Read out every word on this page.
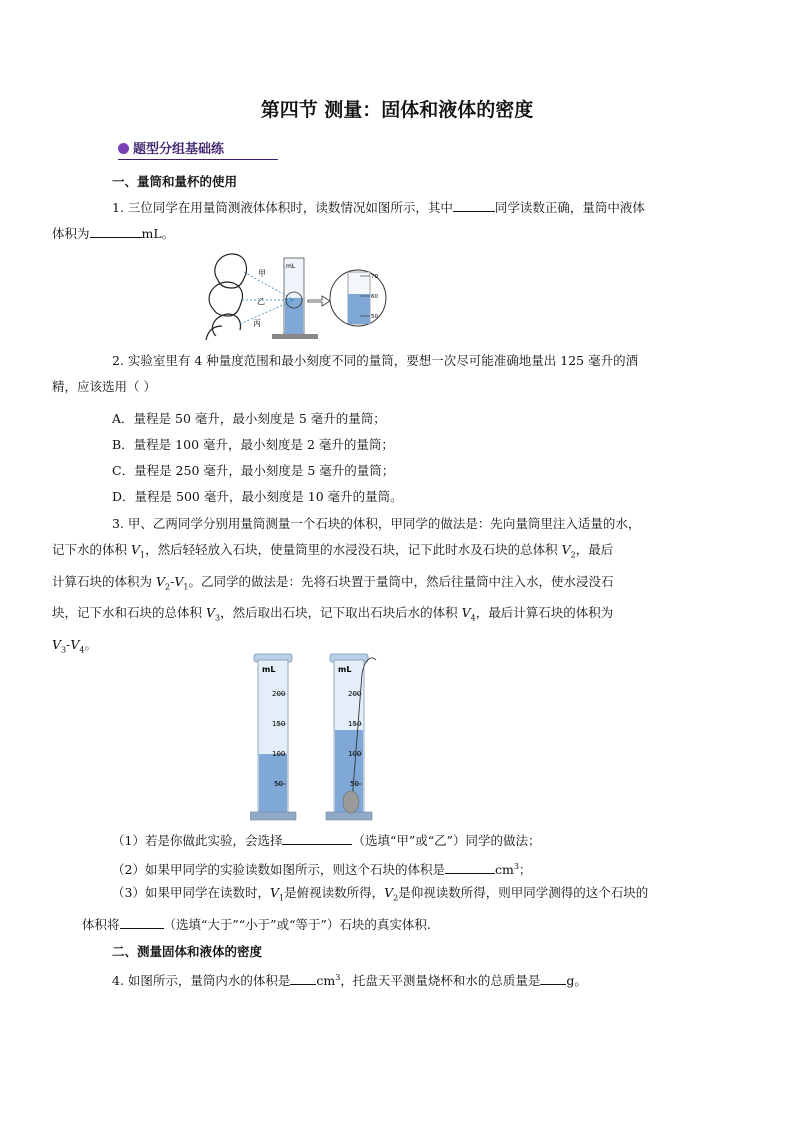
第四节 测量：固体和液体的密度
题型分组基础练
一、量筒和量杯的使用
1. 三位同学在用量筒测液体体积时，读数情况如图所示，其中	同学读数正确，量筒中液体
体积为	mL。
mL
甲
乙
丙
70
60
50
2. 实验室里有 4 种量度范围和最小刻度不同的量筒，要想一次尽可能准确地量出 125 毫升的酒
精，应该选用（ ）
A．量程是 50 毫升，最小刻度是 5 毫升的量筒；
B．量程是 100 毫升，最小刻度是 2 毫升的量筒；
C．量程是 250 毫升，最小刻度是 5 毫升的量筒；
D．量程是 500 毫升，最小刻度是 10 毫升的量筒。
3. 甲、乙两同学分别用量筒测量一个石块的体积，甲同学的做法是：先向量筒里注入适量的水，
记下水的体积 $V_1$，然后轻轻放入石块，使量筒里的水浸没石块，记下此时水及石块的总体积 $V_2$，最后
计算石块的体积为 $V_2-V_1$。乙同学的做法是：先将石块置于量筒中，然后往量筒中注入水，使水浸没石
块，记下水和石块的总体积 $V_3$，然后取出石块，记下取出石块后水的体积 $V_4$，最后计算石块的体积为
$V_3-V_4$。
mL
200
150
100
50
mL
200
150
100
50
（1）若是你做此实验，会选择	（选填“甲”或“乙”）同学的做法；
（2）如果甲同学的实验读数如图所示，则这个石块的体积是	$cm^3$；
（3）如果甲同学在读数时，$V_1$是俯视读数所得，$V_2$是仰视读数所得，则甲同学测得的这个石块的
体积将	（选填“大于”“小于”或“等于”）石块的真实体积.
二、测量固体和液体的密度
4. 如图所示，量筒内水的体积是 $cm^3$，托盘天平测量烧杯和水的总质量是 g。
